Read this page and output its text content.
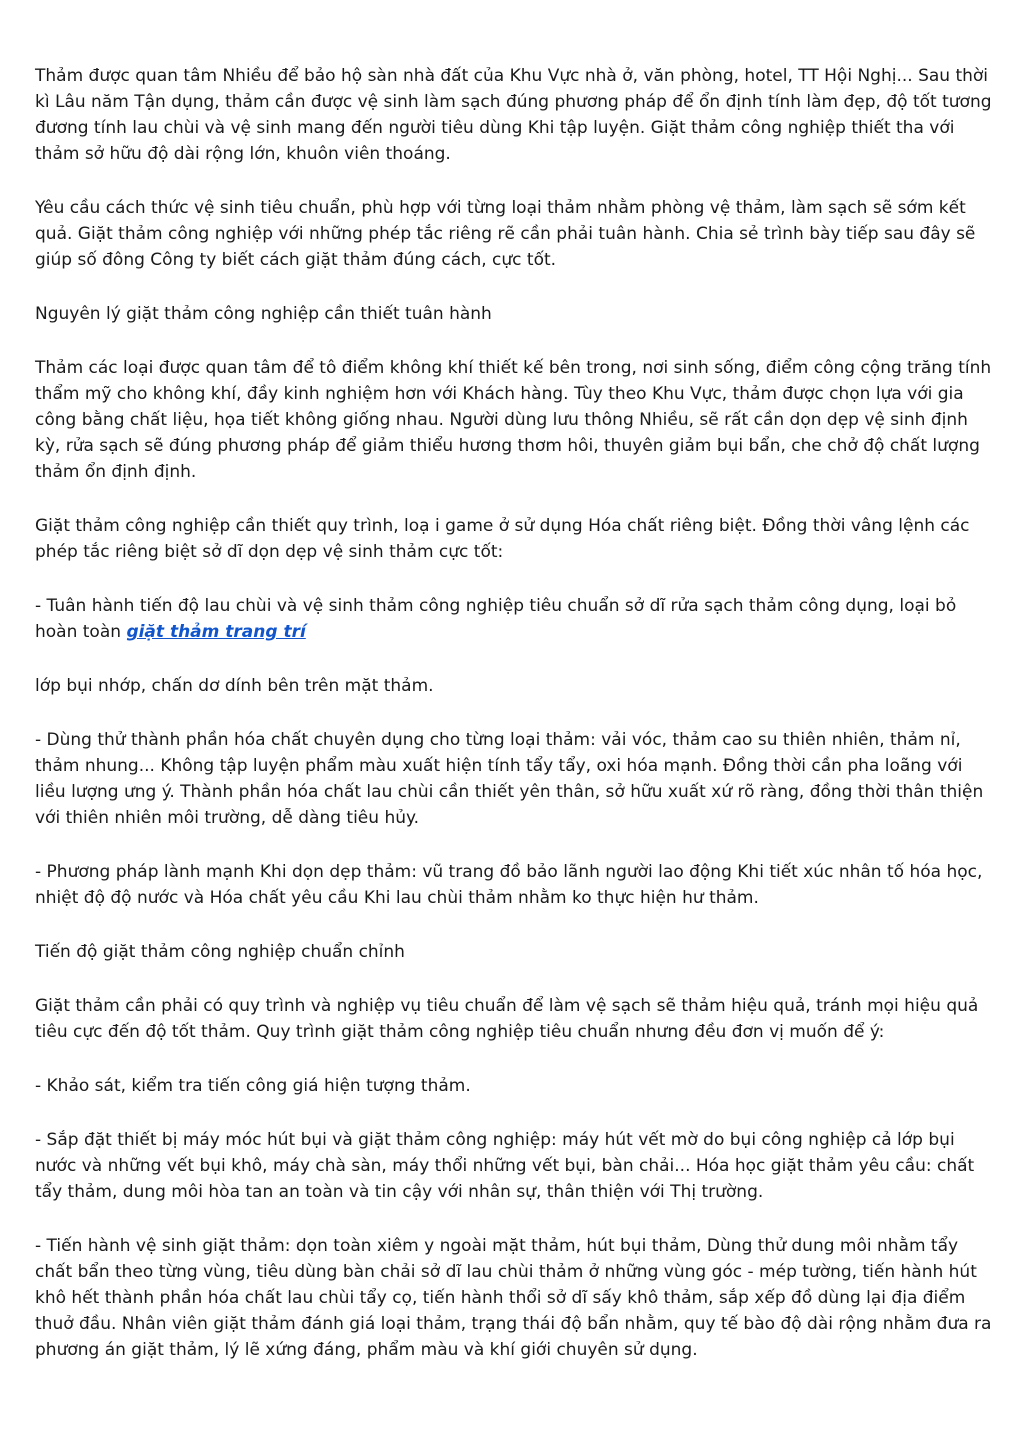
Thảm được quan tâm Nhiều để bảo hộ sàn nhà đất của Khu Vực nhà ở, văn phòng, hotel, TT Hội Nghị... Sau thời kì Lâu năm Tận dụng, thảm cần được vệ sinh làm sạch đúng phương pháp để ổn định tính làm đẹp, độ tốt tương đương tính lau chùi và vệ sinh mang đến người tiêu dùng Khi tập luyện. Giặt thảm công nghiệp thiết tha với thảm sở hữu độ dài rộng lớn, khuôn viên thoáng.

Yêu cầu cách thức vệ sinh tiêu chuẩn, phù hợp với từng loại thảm nhằm phòng vệ thảm, làm sạch sẽ sớm kết quả. Giặt thảm công nghiệp với những phép tắc riêng rẽ cần phải tuân hành. Chia sẻ trình bày tiếp sau đây sẽ giúp số đông Công ty biết cách giặt thảm đúng cách, cực tốt.

Nguyên lý giặt thảm công nghiệp cần thiết tuân hành

Thảm các loại được quan tâm để tô điểm không khí thiết kế bên trong, nơi sinh sống, điểm công cộng trăng tính thẩm mỹ cho không khí, đầy kinh nghiệm hơn với Khách hàng. Tùy theo Khu Vực, thảm được chọn lựa với gia công bằng chất liệu, họa tiết không giống nhau. Người dùng lưu thông Nhiều, sẽ rất cần dọn dẹp vệ sinh định kỳ, rửa sạch sẽ đúng phương pháp để giảm thiểu hương thơm hôi, thuyên giảm bụi bẩn, che chở độ chất lượng thảm ổn định định.

Giặt thảm công nghiệp cần thiết quy trình, loạ i game ở sử dụng Hóa chất riêng biệt. Đồng thời vâng lệnh các phép tắc riêng biệt sở dĩ dọn dẹp vệ sinh thảm cực tốt:

- Tuân hành tiến độ lau chùi và vệ sinh thảm công nghiệp tiêu chuẩn sở dĩ rửa sạch thảm công dụng, loại bỏ hoàn toàn giặt thảm trang trí

lớp bụi nhớp, chấn dơ dính bên trên mặt thảm.

- Dùng thử thành phần hóa chất chuyên dụng cho từng loại thảm: vải vóc, thảm cao su thiên nhiên, thảm nỉ, thảm nhung... Không tập luyện phẩm màu xuất hiện tính tẩy tẩy, oxi hóa mạnh. Đồng thời cần pha loãng với liều lượng ưng ý. Thành phần hóa chất lau chùi cần thiết yên thân, sở hữu xuất xứ rõ ràng, đồng thời thân thiện với thiên nhiên môi trường, dễ dàng tiêu hủy.

- Phương pháp lành mạnh Khi dọn dẹp thảm: vũ trang đồ bảo lãnh người lao động Khi tiết xúc nhân tố hóa học, nhiệt độ độ nước và Hóa chất yêu cầu Khi lau chùi thảm nhằm ko thực hiện hư thảm.

Tiến độ giặt thảm công nghiệp chuẩn chỉnh

Giặt thảm cần phải có quy trình và nghiệp vụ tiêu chuẩn để làm vệ sạch sẽ thảm hiệu quả, tránh mọi hiệu quả tiêu cực đến độ tốt thảm. Quy trình giặt thảm công nghiệp tiêu chuẩn nhưng đều đơn vị muốn để ý:

- Khảo sát, kiểm tra tiến công giá hiện tượng thảm.

- Sắp đặt thiết bị máy móc hút bụi và giặt thảm công nghiệp: máy hút vết mờ do bụi công nghiệp cả lớp bụi nước và những vết bụi khô, máy chà sàn, máy thổi những vết bụi, bàn chải... Hóa học giặt thảm yêu cầu: chất tẩy thảm, dung môi hòa tan an toàn và tin cậy với nhân sự, thân thiện với Thị trường.

- Tiến hành vệ sinh giặt thảm: dọn toàn xiêm y ngoài mặt thảm, hút bụi thảm, Dùng thử dung môi nhằm tẩy chất bẩn theo từng vùng, tiêu dùng bàn chải sở dĩ lau chùi thảm ở những vùng góc - mép tường, tiến hành hút khô hết thành phần hóa chất lau chùi tẩy cọ, tiến hành thổi sở dĩ sấy khô thảm, sắp xếp đồ dùng lại địa điểm thuở đầu. Nhân viên giặt thảm đánh giá loại thảm, trạng thái độ bẩn nhằm, quy tế bào độ dài rộng nhằm đưa ra phương án giặt thảm, lý lẽ xứng đáng, phẩm màu và khí giới chuyên sử dụng.
